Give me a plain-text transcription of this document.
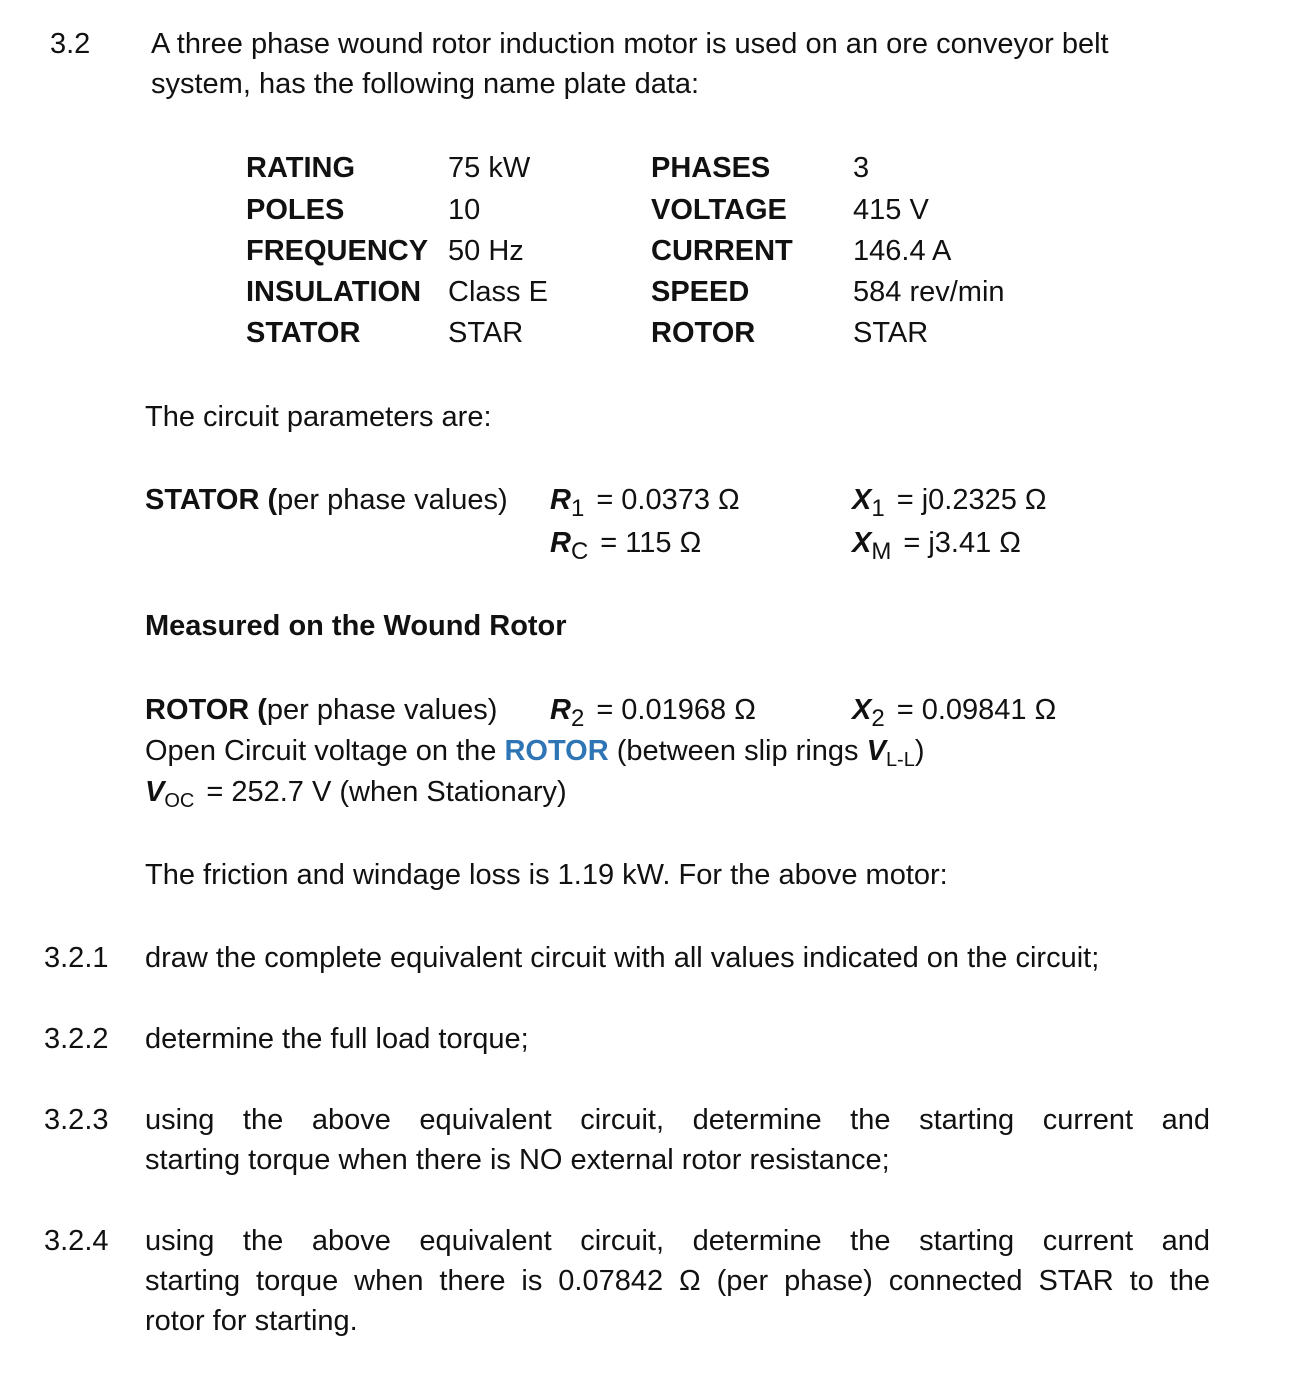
3.2 A three phase wound rotor induction motor is used on an ore conveyor belt
system, has the following name plate data:
RATING	75 kW	PHASES	3
POLES	10	VOLTAGE 415 V
FREQUENCY 50 Hz	CURRENT 146.4 A
INSULATION Class E	SPEED	584 rev/min
STATOR	STAR	ROTOR	STAR
The circuit parameters are:
STATOR (per phase values) $R_1 = 0.0373$ Ω	$X_1 = j0.2325$ Ω
$R_C = 115$ Ω	$X_M = j3.41$ Ω
Measured on the Wound Rotor
ROTOR (per phase values) $R_2 = 0.01968$ Ω	$X_2 = 0.09841$ Ω
Open Circuit voltage on the ROTOR (between slip rings $V_{L-L}$)
$V_{OC} = 252.7$ V (when Stationary)
The friction and windage loss is 1.19 kW. For the above motor:
3.2.1 draw the complete equivalent circuit with all values indicated on the circuit;
3.2.2 determine the full load torque;
3.2.3 using the above equivalent circuit, determine the starting current and
starting torque when there is NO external rotor resistance;
3.2.4 using the above equivalent circuit, determine the starting current and
starting torque when there is 0.07842 Ω (per phase) connected STAR to the
rotor for starting.
